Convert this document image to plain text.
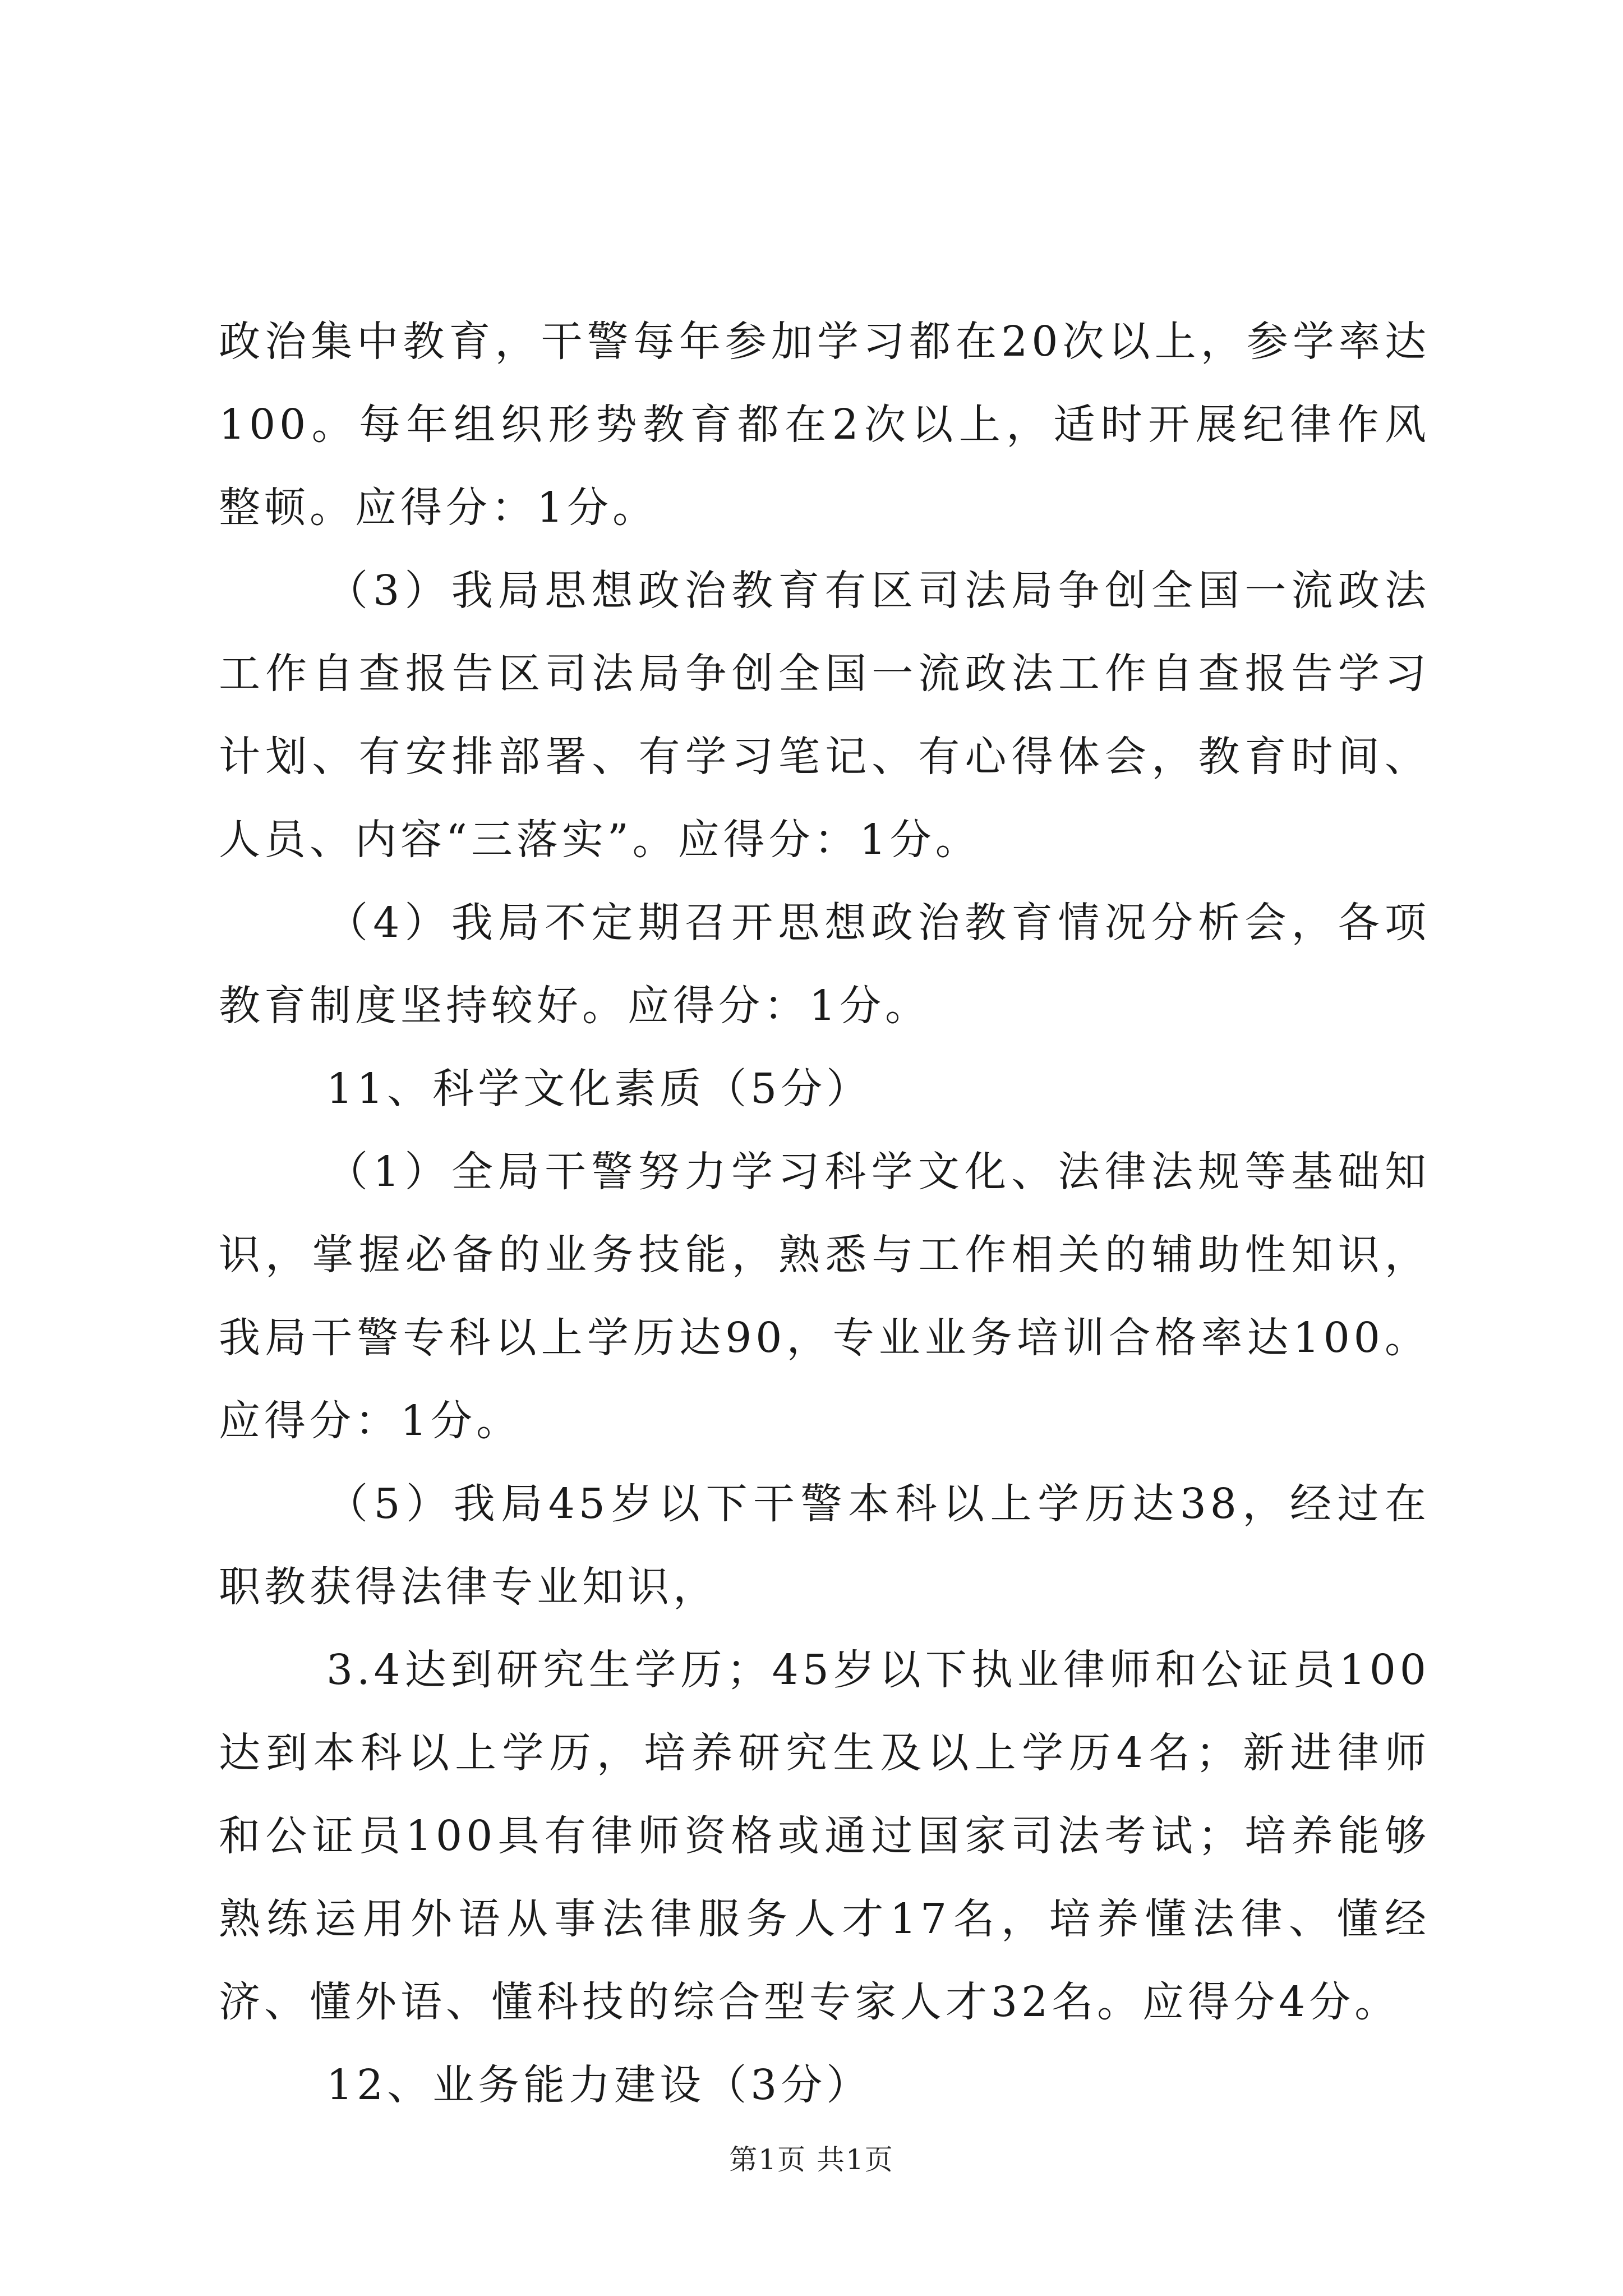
政治集中教育，干警每年参加学习都在20次以上，参学率达100。每年组织形势教育都在2次以上，适时开展纪律作风整顿。应得分：1分。

（3）我局思想政治教育有区司法局争创全国一流政法工作自查报告区司法局争创全国一流政法工作自查报告学习计划、有安排部署、有学习笔记、有心得体会，教育时间、人员、内容“三落实”。应得分：1分。

（4）我局不定期召开思想政治教育情况分析会，各项教育制度坚持较好。应得分：1分。

11、科学文化素质（5分）

（1）全局干警努力学习科学文化、法律法规等基础知识，掌握必备的业务技能，熟悉与工作相关的辅助性知识，我局干警专科以上学历达90，专业业务培训合格率达100。应得分：1分。

（5）我局45岁以下干警本科以上学历达38，经过在职教获得法律专业知识，

3.4达到研究生学历；45岁以下执业律师和公证员100达到本科以上学历，培养研究生及以上学历4名；新进律师和公证员100具有律师资格或通过国家司法考试；培养能够熟练运用外语从事法律服务人才17名，培养懂法律、懂经济、懂外语、懂科技的综合型专家人才32名。应得分4分。

12、业务能力建设（3分）

第1页 共1页
